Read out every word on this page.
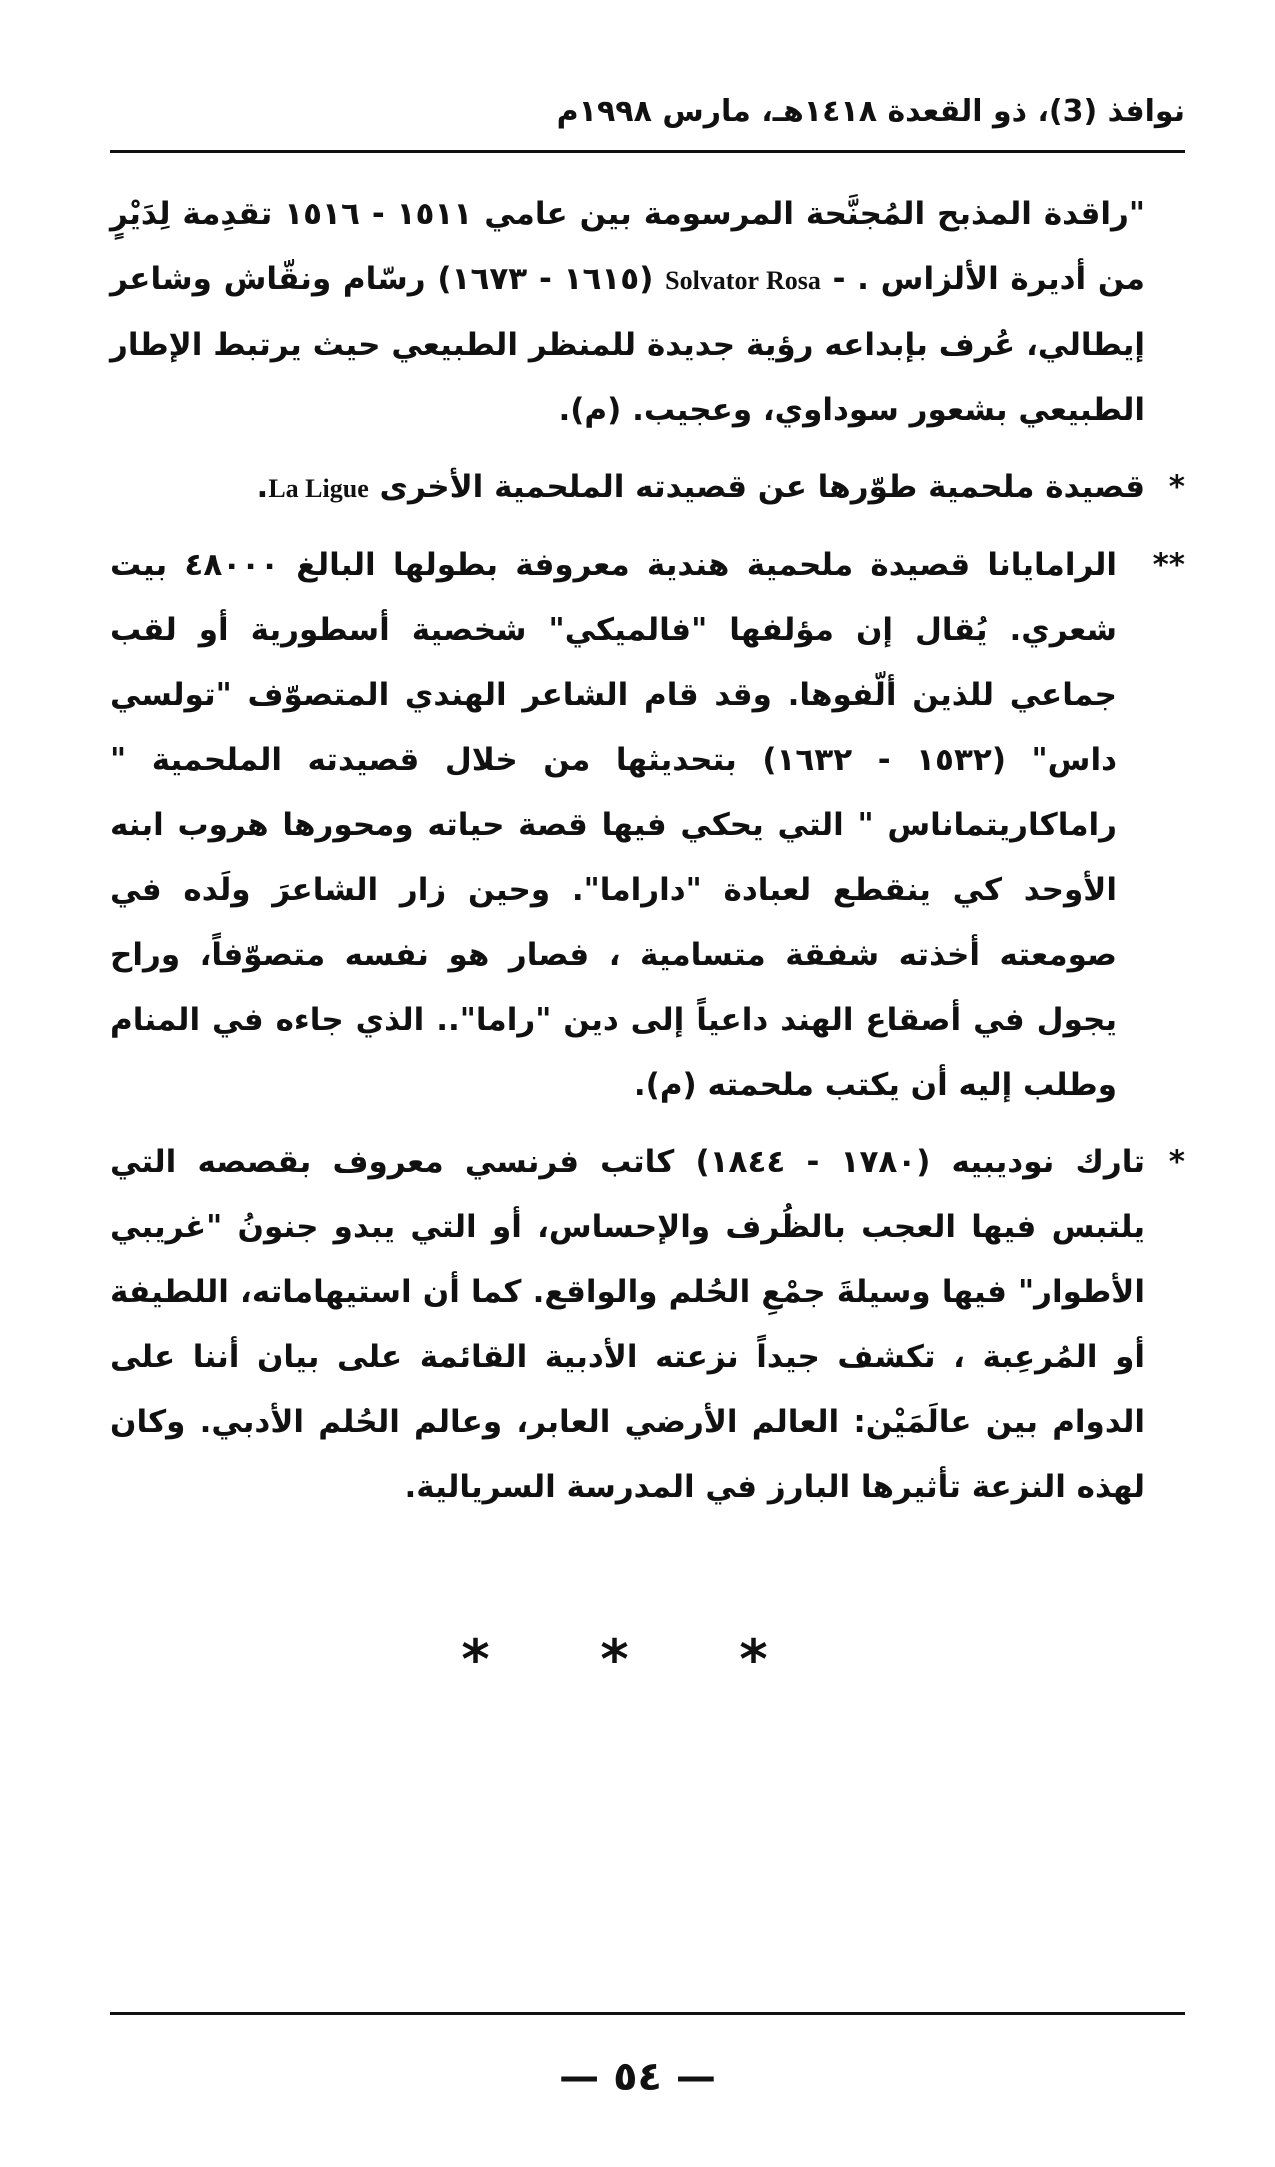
نوافذ (3)، ذو القعدة ١٤١٨هـ، مارس ١٩٩٨م

"راقدة المذبح المُجنَّحة المرسومة بين عامي ١٥١١ - ١٥١٦ تقدِمة لِدَيْرٍ من أديرة الألزاس . - Solvator Rosa (١٦١٥ - ١٦٧٣) رسّام ونقّاش وشاعر إيطالي، عُرف بإبداعه رؤية جديدة للمنظر الطبيعي حيث يرتبط الإطار الطبيعي بشعور سوداوي، وعجيب. (م).

*
قصيدة ملحمية طوّرها عن قصيدته الملحمية الأخرى La Ligue.

**
الرامايانا قصيدة ملحمية هندية معروفة بطولها البالغ ٤٨٠٠٠ بيت شعري. يُقال إن مؤلفها "فالميكي" شخصية أسطورية أو لقب جماعي للذين ألّفوها. وقد قام الشاعر الهندي المتصوّف "تولسي داس" (١٥٣٢ - ١٦٣٢) بتحديثها من خلال قصيدته الملحمية " راماكاريتماناس " التي يحكي فيها قصة حياته ومحورها هروب ابنه الأوحد كي ينقطع لعبادة "داراما". وحين زار الشاعرَ ولَده في صومعته أخذته شفقة متسامية ، فصار هو نفسه متصوّفاً، وراح يجول في أصقاع الهند داعياً إلى دين "راما".. الذي جاءه في المنام وطلب إليه أن يكتب ملحمته (م).

*
تارك نوديبيه (١٧٨٠ - ١٨٤٤) كاتب فرنسي معروف بقصصه التي يلتبس فيها العجب بالظُرف والإحساس، أو التي يبدو جنونُ "غريبي الأطوار" فيها وسيلةَ جمْعِ الحُلم والواقع. كما أن استيهاماته، اللطيفة أو المُرعِبة ، تكشف جيداً نزعته الأدبية القائمة على بيان أننا على الدوام بين عالَمَيْن: العالم الأرضي العابر، وعالم الحُلم الأدبي. وكان لهذه النزعة تأثيرها البارز في المدرسة السريالية.

* * *
— ٥٤ —
